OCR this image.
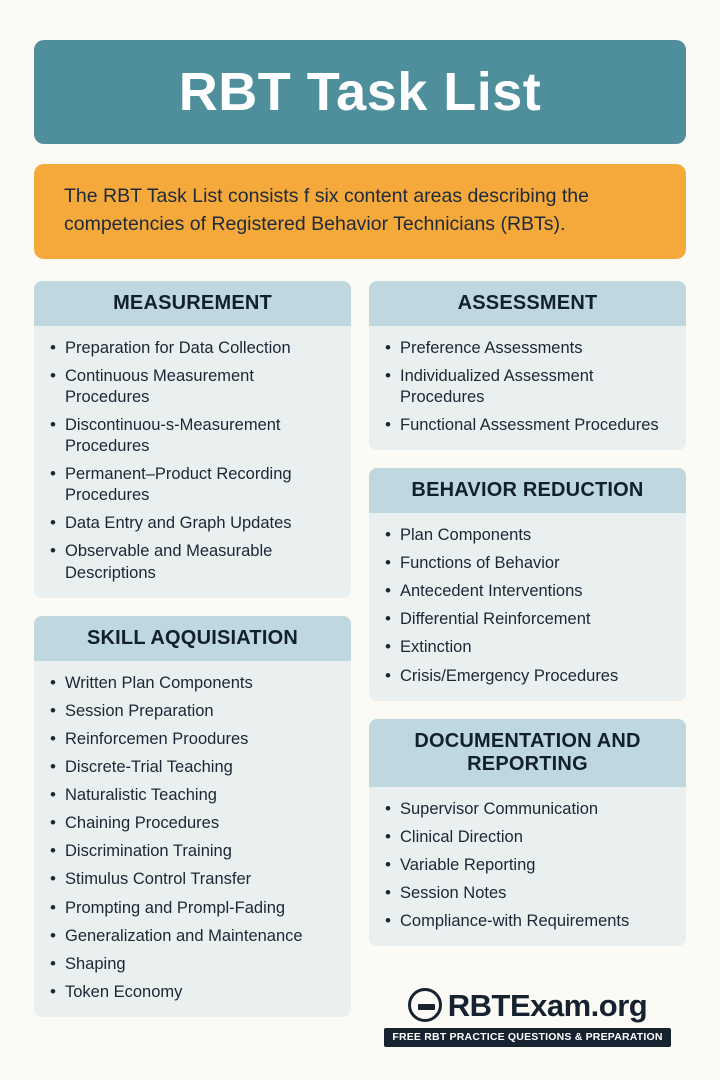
RBT Task List

The RBT Task List consists f six content areas describing the competencies of Registered Behavior Technicians (RBTs).

MEASUREMENT
• Preparation for Data Collection
• Continuous Measurement Procedures
• Discontinuou-s-Measurement Procedures
• Permanent–Product Recording Procedures
• Data Entry and Graph Updates
• Observable and Measurable Descriptions
SKILL AQQUISIATION
• Written Plan Components
• Session Preparation
• Reinforcemen Proodures
• Discrete-Trial Teaching
• Naturalistic Teaching
• Chaining Procedures
• Discrimination Training
• Stimulus Control Transfer
• Prompting and Prompl-Fading
• Generalization and Maintenance
• Shaping
• Token Economy
ASSESSMENT
• Preference Assessments
• Individualized Assessment Procedures
• Functional Assessment Procedures
BEHAVIOR REDUCTION
• Plan Components
• Functions of Behavior
• Antecedent Interventions
• Differential Reinforcement
• Extinction
• Crisis/Emergency Procedures
DOCUMENTATION AND REPORTING
• Supervisor Communication
• Clinical Direction
• Variable Reporting
• Session Notes
• Compliance-with Requirements
RBTExam.org
FREE RBT PRACTICE QUESTIONS & PREPARATION
